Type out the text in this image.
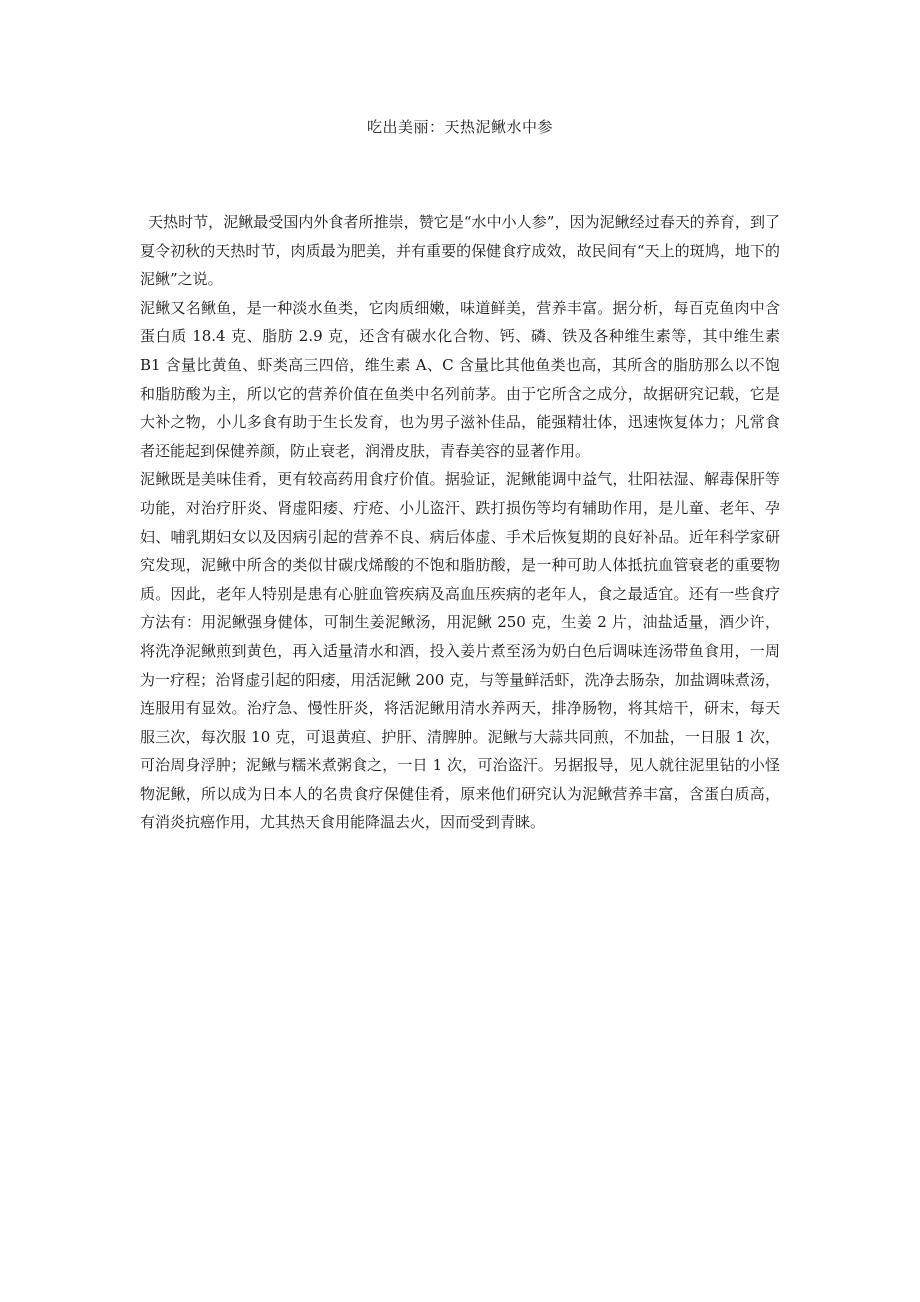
吃出美丽：天热泥鳅水中参

天热时节，泥鳅最受国内外食者所推崇，赞它是“水中小人参”，因为泥鳅经过春天的养育，到了夏令初秋的天热时节，肉质最为肥美，并有重要的保健食疗成效，故民间有“天上的斑鸠，地下的泥鳅”之说。

泥鳅又名鳅鱼，是一种淡水鱼类，它肉质细嫩，味道鲜美，营养丰富。据分析，每百克鱼肉中含蛋白质 18.4 克、脂肪 2.9 克，还含有碳水化合物、钙、磷、铁及各种维生素等，其中维生素 B1 含量比黄鱼、虾类高三四倍，维生素 A、C 含量比其他鱼类也高，其所含的脂肪那么以不饱和脂肪酸为主，所以它的营养价值在鱼类中名列前茅。由于它所含之成分，故据研究记载，它是大补之物，小儿多食有助于生长发育，也为男子滋补佳品，能强精壮体，迅速恢复体力；凡常食者还能起到保健养颜，防止衰老，润滑皮肤，青春美容的显著作用。

泥鳅既是美味佳肴，更有较高药用食疗价值。据验证，泥鳅能调中益气，壮阳祛湿、解毒保肝等功能，对治疗肝炎、肾虚阳痿、疔疮、小儿盗汗、跌打损伤等均有辅助作用，是儿童、老年、孕妇、哺乳期妇女以及因病引起的营养不良、病后体虚、手术后恢复期的良好补品。近年科学家研究发现，泥鳅中所含的类似甘碳戊烯酸的不饱和脂肪酸，是一种可助人体抵抗血管衰老的重要物质。因此，老年人特别是患有心脏血管疾病及高血压疾病的老年人，食之最适宜。还有一些食疗方法有：用泥鳅强身健体，可制生姜泥鳅汤，用泥鳅 250 克，生姜 2 片，油盐适量，酒少许，将洗净泥鳅煎到黄色，再入适量清水和酒，投入姜片煮至汤为奶白色后调味连汤带鱼食用，一周为一疗程；治肾虚引起的阳痿，用活泥鳅 200 克，与等量鲜活虾，洗净去肠杂，加盐调味煮汤，连服用有显效。治疗急、慢性肝炎，将活泥鳅用清水养两天，排净肠物，将其焙干，研末，每天服三次，每次服 10 克，可退黄疸、护肝、清脾肿。泥鳅与大蒜共同煎，不加盐，一日服 1 次，可治周身浮肿；泥鳅与糯米煮粥食之，一日 1 次，可治盗汗。另据报导，见人就往泥里钻的小怪物泥鳅，所以成为日本人的名贵食疗保健佳肴，原来他们研究认为泥鳅营养丰富，含蛋白质高，有消炎抗癌作用，尤其热天食用能降温去火，因而受到青睐。
